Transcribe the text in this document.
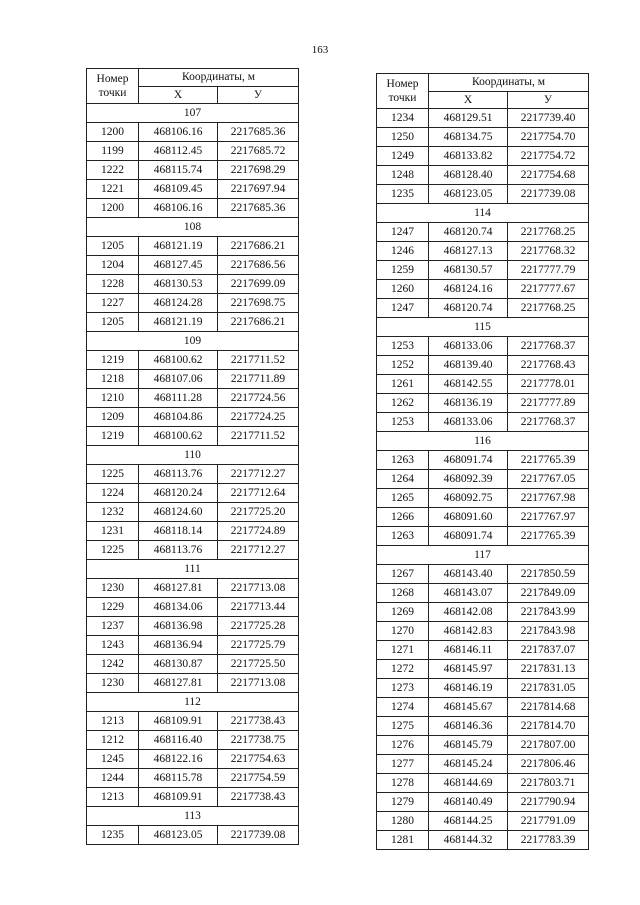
163
Номер
точки	Координаты, м	
	X	У
107		
1200	468106.16	2217685.36
1199	468112.45	2217685.72
1222	468115.74	2217698.29
1221	468109.45	2217697.94
1200	468106.16	2217685.36
108		
1205	468121.19	2217686.21
1204	468127.45	2217686.56
1228	468130.53	2217699.09
1227	468124.28	2217698.75
1205	468121.19	2217686.21
109		
1219	468100.62	2217711.52
1218	468107.06	2217711.89
1210	468111.28	2217724.56
1209	468104.86	2217724.25
1219	468100.62	2217711.52
110		
1225	468113.76	2217712.27
1224	468120.24	2217712.64
1232	468124.60	2217725.20
1231	468118.14	2217724.89
1225	468113.76	2217712.27
111		
1230	468127.81	2217713.08
1229	468134.06	2217713.44
1237	468136.98	2217725.28
1243	468136.94	2217725.79
1242	468130.87	2217725.50
1230	468127.81	2217713.08
112		
1213	468109.91	2217738.43
1212	468116.40	2217738.75
1245	468122.16	2217754.63
1244	468115.78	2217754.59
1213	468109.91	2217738.43
113		
1235	468123.05	2217739.08
Номер
точки	Координаты, м	
	X	У
1234	468129.51	2217739.40
1250	468134.75	2217754.70
1249	468133.82	2217754.72
1248	468128.40	2217754.68
1235	468123.05	2217739.08
114		
1247	468120.74	2217768.25
1246	468127.13	2217768.32
1259	468130.57	2217777.79
1260	468124.16	2217777.67
1247	468120.74	2217768.25
115		
1253	468133.06	2217768.37
1252	468139.40	2217768.43
1261	468142.55	2217778.01
1262	468136.19	2217777.89
1253	468133.06	2217768.37
116		
1263	468091.74	2217765.39
1264	468092.39	2217767.05
1265	468092.75	2217767.98
1266	468091.60	2217767.97
1263	468091.74	2217765.39
117		
1267	468143.40	2217850.59
1268	468143.07	2217849.09
1269	468142.08	2217843.99
1270	468142.83	2217843.98
1271	468146.11	2217837.07
1272	468145.97	2217831.13
1273	468146.19	2217831.05
1274	468145.67	2217814.68
1275	468146.36	2217814.70
1276	468145.79	2217807.00
1277	468145.24	2217806.46
1278	468144.69	2217803.71
1279	468140.49	2217790.94
1280	468144.25	2217791.09
1281	468144.32	2217783.39
